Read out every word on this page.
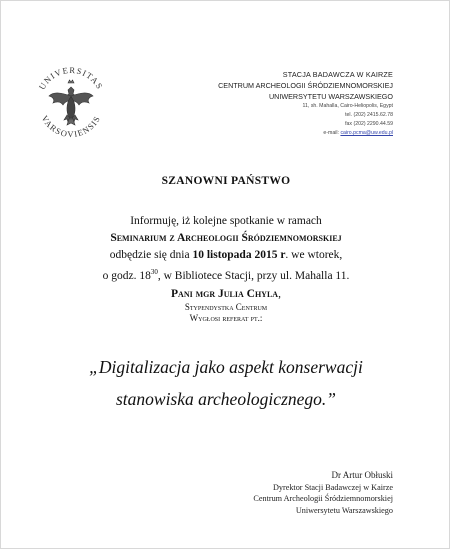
UNIVERSITAS
VARSOVIENSIS
STACJA BADAWCZA W KAIRZE
CENTRUM ARCHEOLOGII ŚRÓDZIEMNOMORSKIEJ
UNIWERSYTETU WARSZAWSKIEGO
11, sh. Mahalla, Cairo-Heliopolis, Egypt
tel. (202) 2415.62.78
fax (202) 2290.44.59
e-mail: cairo.pcma@uw.edu.pl
SZANOWNI PAŃSTWO
Informuję, iż kolejne spotkanie w ramach
Seminarium z Archeologii Śródziemnomorskiej
odbędzie się dnia 10 listopada 2015 r. we wtorek,
o godz. $18^{30}$, w Bibliotece Stacji, przy ul. Mahalla 11.
Pani mgr Julia Chyla,
Stypendystka Centrum
Wygłosi referat pt.:
„Digitalizacja jako aspekt konserwacji
stanowiska archeologicznego.”
Dr Artur Obłuski
Dyrektor Stacji Badawczej w Kairze
Centrum Archeologii Śródziemnomorskiej
Uniwersytetu Warszawskiego
